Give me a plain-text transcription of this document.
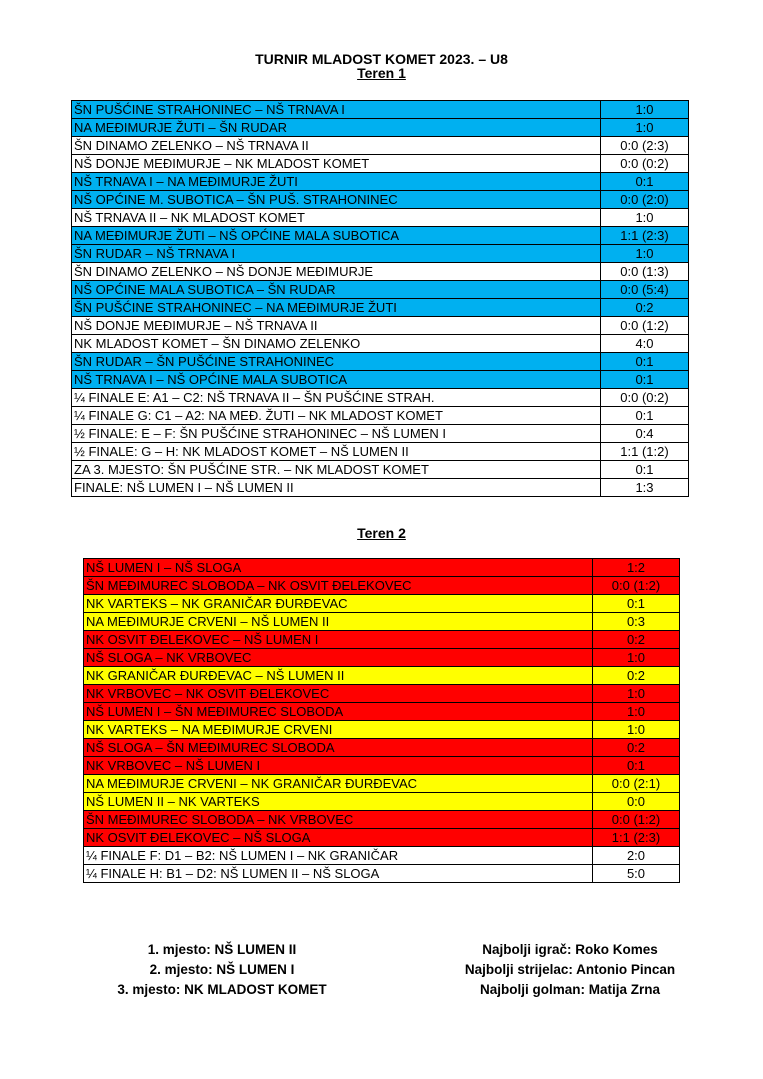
TURNIR MLADOST KOMET 2023. – U8
Teren 1
ŠN PUŠĆINE STRAHONINEC – NŠ TRNAVA I	1:0
NA MEĐIMURJE ŽUTI – ŠN RUDAR	1:0
ŠN DINAMO ZELENKO – NŠ TRNAVA II	0:0 (2:3)
NŠ DONJE MEĐIMURJE – NK MLADOST KOMET	0:0 (0:2)
NŠ TRNAVA I – NA MEĐIMURJE ŽUTI	0:1
NŠ OPĆINE M. SUBOTICA – ŠN PUŠ. STRAHONINEC	0:0 (2:0)
NŠ TRNAVA II – NK MLADOST KOMET	1:0
NA MEĐIMURJE ŽUTI – NŠ OPĆINE MALA SUBOTICA	1:1 (2:3)
ŠN RUDAR – NŠ TRNAVA I	1:0
ŠN DINAMO ZELENKO – NŠ DONJE MEĐIMURJE	0:0 (1:3)
NŠ OPĆINE MALA SUBOTICA – ŠN RUDAR	0:0 (5:4)
ŠN PUŠĆINE STRAHONINEC – NA MEĐIMURJE ŽUTI	0:2
NŠ DONJE MEĐIMURJE – NŠ TRNAVA II	0:0 (1:2)
NK MLADOST KOMET – ŠN DINAMO ZELENKO	4:0
ŠN RUDAR – ŠN PUŠĆINE STRAHONINEC	0:1
NŠ TRNAVA I – NŠ OPĆINE MALA SUBOTICA	0:1
¼ FINALE E: A1 – C2: NŠ TRNAVA II – ŠN PUŠĆINE STRAH.	0:0 (0:2)
¼ FINALE G: C1 – A2: NA MEĐ. ŽUTI – NK MLADOST KOMET	0:1
½ FINALE: E – F: ŠN PUŠĆINE STRAHONINEC – NŠ LUMEN I	0:4
½ FINALE: G – H: NK MLADOST KOMET – NŠ LUMEN II	1:1 (1:2)
ZA 3. MJESTO: ŠN PUŠĆINE STR. – NK MLADOST KOMET	0:1
FINALE: NŠ LUMEN I – NŠ LUMEN II	1:3
Teren 2
NŠ LUMEN I – NŠ SLOGA	1:2
ŠN MEĐIMUREC SLOBODA – NK OSVIT ĐELEKOVEC	0:0 (1:2)
NK VARTEKS – NK GRANIČAR ĐURĐEVAC	0:1
NA MEĐIMURJE CRVENI – NŠ LUMEN II	0:3
NK OSVIT ĐELEKOVEC – NŠ LUMEN I	0:2
NŠ SLOGA – NK VRBOVEC	1:0
NK GRANIČAR ĐURĐEVAC – NŠ LUMEN II	0:2
NK VRBOVEC – NK OSVIT ĐELEKOVEC	1:0
NŠ LUMEN I – ŠN MEĐIMUREC SLOBODA	1:0
NK VARTEKS – NA MEĐIMURJE CRVENI	1:0
NŠ SLOGA – ŠN MEĐIMUREC SLOBODA	0:2
NK VRBOVEC – NŠ LUMEN I	0:1
NA MEĐIMURJE CRVENI – NK GRANIČAR ĐURĐEVAC	0:0 (2:1)
NŠ LUMEN II – NK VARTEKS	0:0
ŠN MEĐIMUREC SLOBODA – NK VRBOVEC	0:0 (1:2)
NK OSVIT ĐELEKOVEC – NŠ SLOGA	1:1 (2:3)
¼ FINALE F: D1 – B2: NŠ LUMEN I – NK GRANIČAR	2:0
¼ FINALE H: B1 – D2: NŠ LUMEN II – NŠ SLOGA	5:0
1. mjesto: NŠ LUMEN II
2. mjesto: NŠ LUMEN I
3. mjesto: NK MLADOST KOMET
Najbolji igrač: Roko Komes
Najbolji strijelac: Antonio Pincan
Najbolji golman: Matija Zrna
